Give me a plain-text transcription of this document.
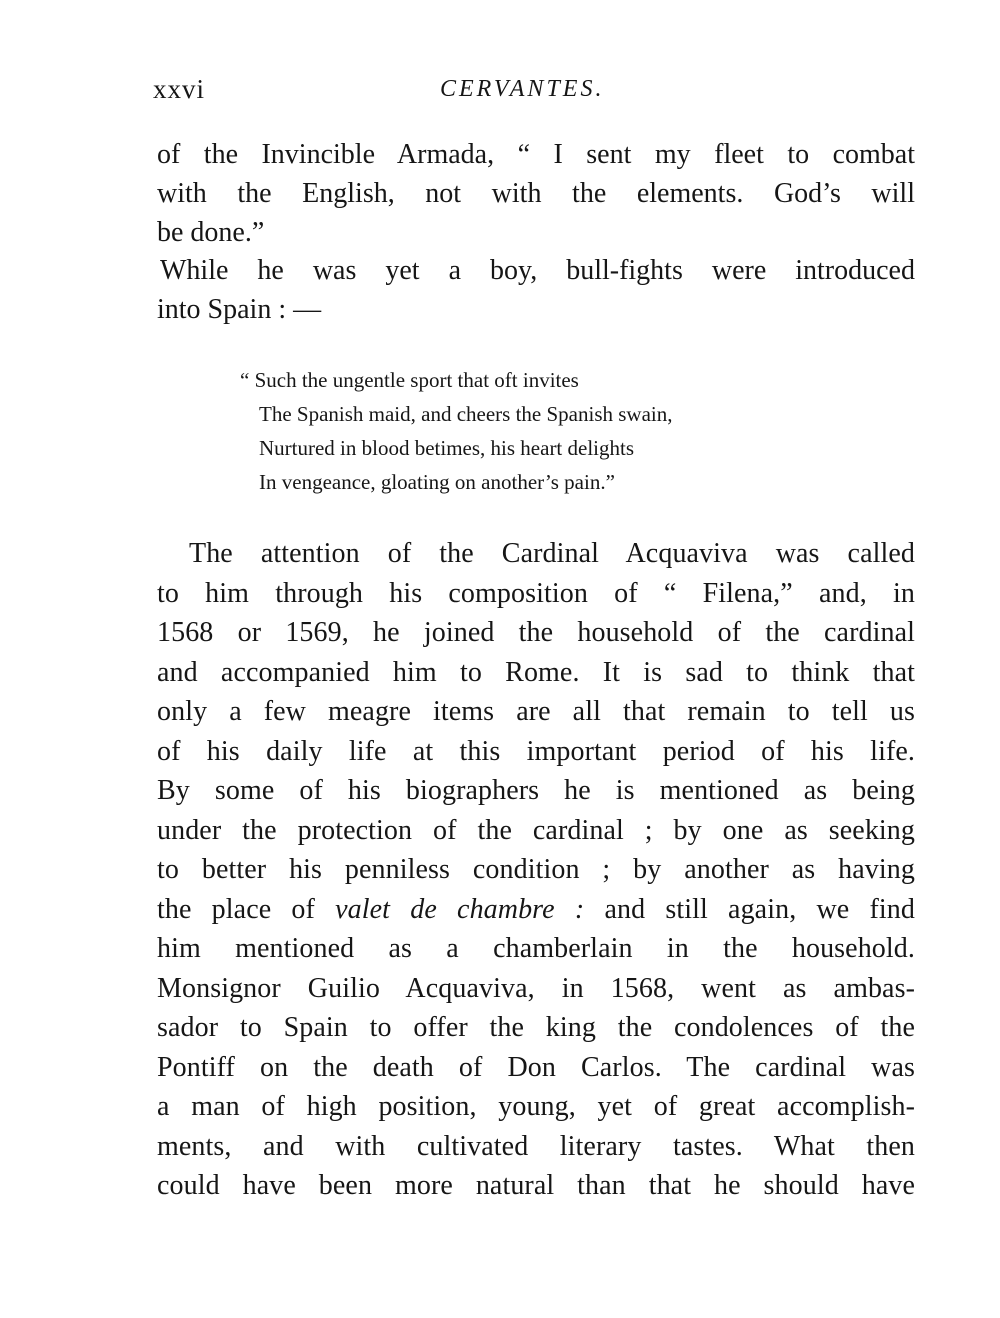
xxvi	CERVANTES.
of the Invincible Armada, “ I sent my fleet to combat
with the English, not with the elements. God’s will
be done.”
While he was yet a boy, bull-fights were introduced
into Spain : —
“ Such the ungentle sport that oft invites
The Spanish maid, and cheers the Spanish swain,
Nurtured in blood betimes, his heart delights
In vengeance, gloating on another’s pain.”
The attention of the Cardinal Acquaviva was called
to him through his composition of “ Filena,” and, in
1568 or 1569, he joined the household of the cardinal
and accompanied him to Rome. It is sad to think that
only a few meagre items are all that remain to tell us
of his daily life at this important period of his life.
By some of his biographers he is mentioned as being
under the protection of the cardinal ; by one as seeking
to better his penniless condition ; by another as having
the place of valet de chambre : and still again, we find
him mentioned as a chamberlain in the household.
Monsignor Guilio Acquaviva, in 1568, went as ambas-
sador to Spain to offer the king the condolences of the
Pontiff on the death of Don Carlos. The cardinal was
a man of high position, young, yet of great accomplish-
ments, and with cultivated literary tastes. What then
could have been more natural than that he should have
